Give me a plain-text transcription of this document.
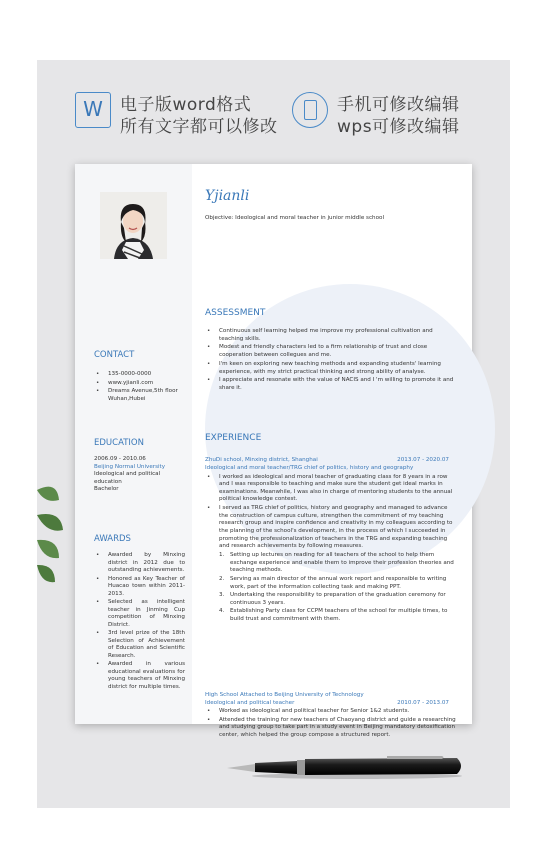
W	电子版word格式
所有文字都可以修改
手机可修改编辑
wps可修改编辑
CONTACT
• 135-0000-0000
• www.yjianli.com
• Dreams Avenue,5th floor Wuhan,Hubei
EDUCATION
2006.09 - 2010.06
Beijing Normal University
Ideological and political education
Bachelor
AWARDS
• Awarded by Minxing district in 2012 due to outstanding achievements.
• Honored as Key Teacher of Huacao town within 2011-2013.
• Selected as intelligent teacher in Jinming Cup competition of Minxing District.
• 3rd level prize of the 18th Selection of Achievement of Education and Scientific Research.
• Awarded in various educational evaluations for young teachers of Minxing district for multiple times.
Yjianli
Objective: Ideological and moral teacher in junior middle school
ASSESSMENT
• Continuous self learning helped me improve my professional cultivation and teaching skills.
• Modest and friendly characters led to a firm relationship of trust and close cooperation between collegues and me.
• I'm keen on exploring new teaching methods and expanding students' learning experience, with my strict practical thinking and strong ability of analyse.
• I appreciate and resonate with the value of NACIS and I 'm willing to promote it and share it.
EXPERIENCE
ZhuDi school, Minxing district, Shanghai	2013.07 - 2020.07
Ideological and moral teacher/TRG chief of politics, history and geography
• I worked as ideological and moral teacher of graduating class for 8 years in a row and I was responsible to teaching and make sure the student get ideal marks in examinations. Meanwhile, I was also in charge of mentoring students to the annual political knowledge contest.
• I served as TRG chief of politics, history and geography and managed to advance the construction of campus culture, strengthen the commitment of my teaching research group and inspire confidence and creativity in my colleagues according to the planning of the school's development, in the process of which I succeeded in promoting the professionalization of teachers in the TRG and expanding teaching and research achievements by following measures.
1. Setting up lectures on reading for all teachers of the school to help them exchange experience and enable them to improve their profession theories and teaching methods.
2. Serving as main director of the annual work report and responsible to writing work, part of the information collecting task and making PPT.
3. Undertaking the responsibility to preparation of the graduation ceremony for continuous 3 years.
4. Establishing Party class for CCPM teachers of the school for multiple times, to build trust and commitment with them.
High School Attached to Beijing University of Technology
Ideological and political teacher	2010.07 - 2013.07
• Worked as ideological and political teacher for Senior 1&2 students.
• Attended the training for new teachers of Chaoyang district and guide a researching and studying group to take part in a study event in Beijing mandatory detoxification center, which helped the group compose a structured report.
